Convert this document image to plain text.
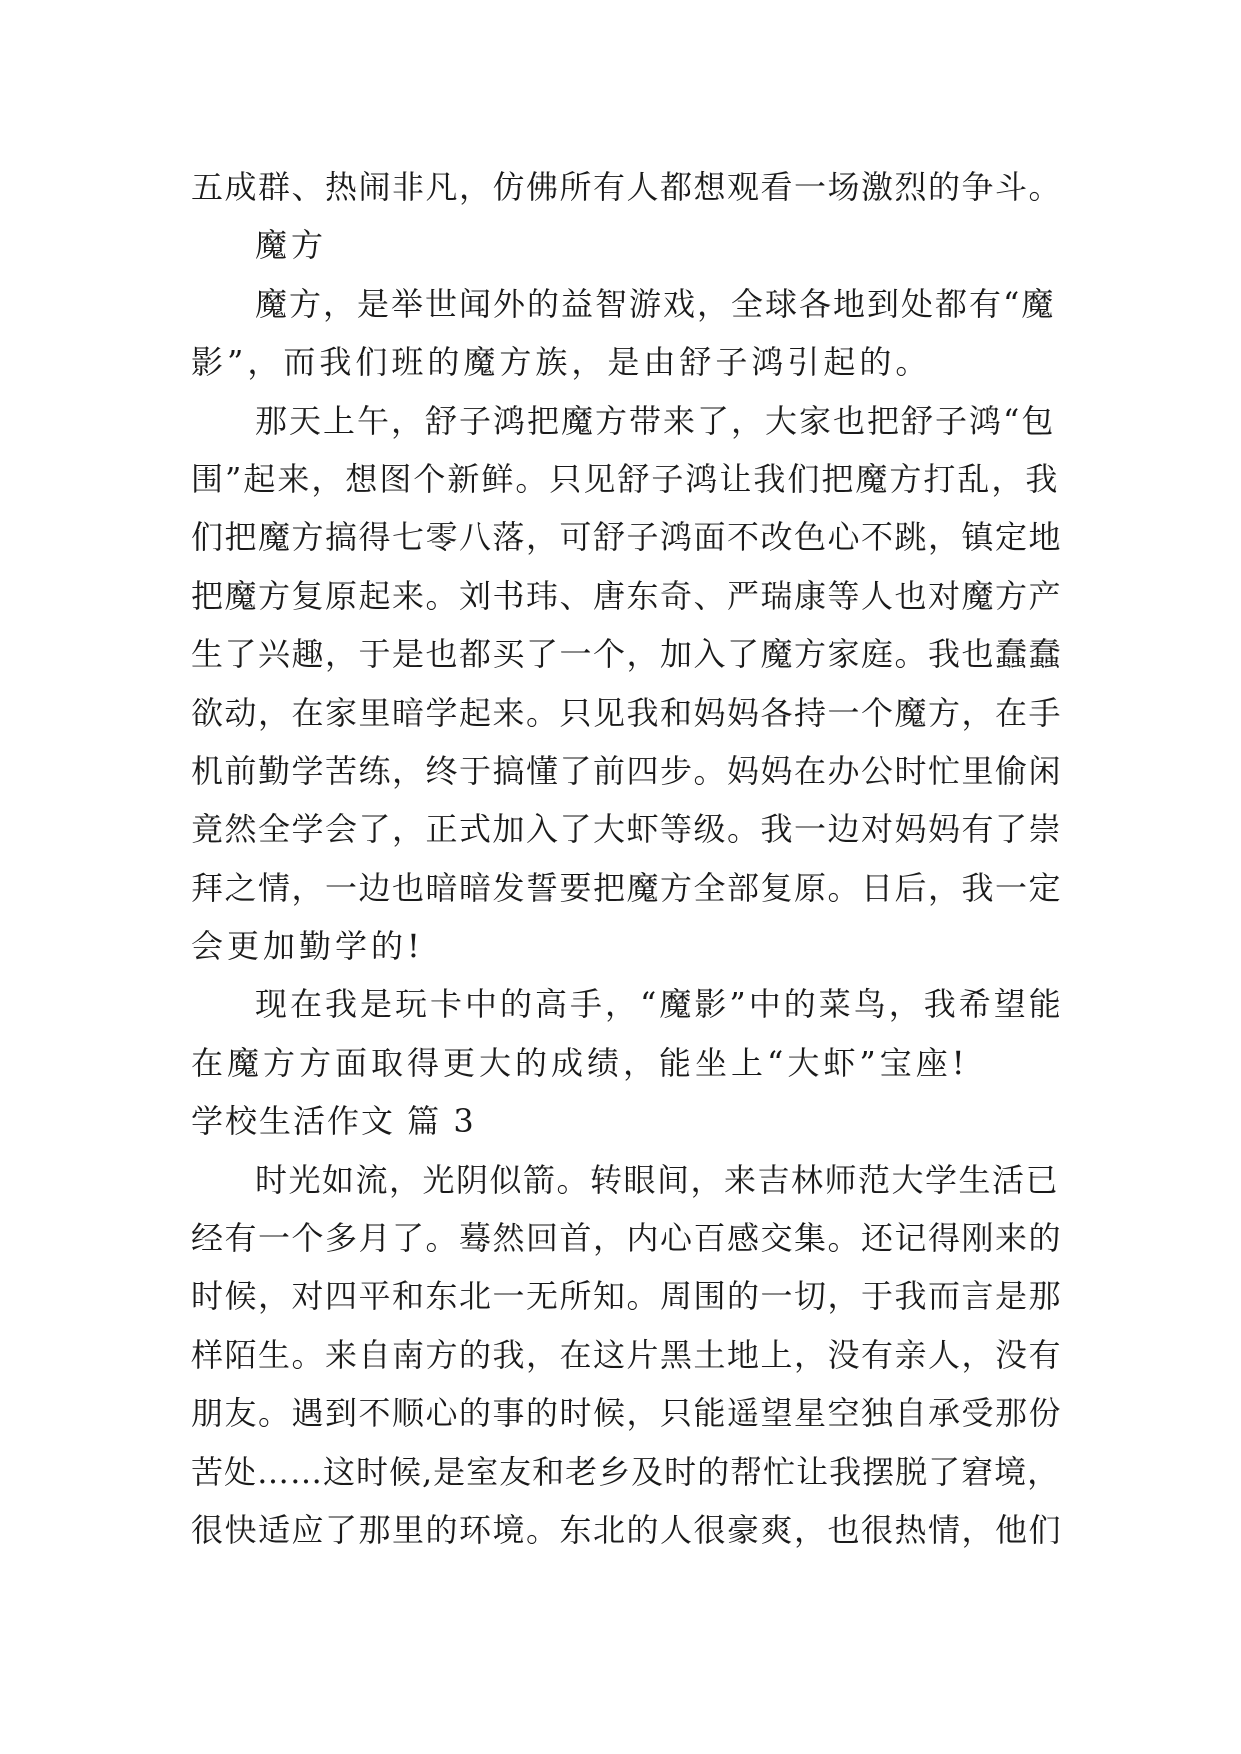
五成群、热闹非凡，仿佛所有人都想观看一场激烈的争斗。
魔方
魔方，是举世闻外的益智游戏，全球各地到处都有“魔
影”，而我们班的魔方族，是由舒子鸿引起的。
那天上午，舒子鸿把魔方带来了，大家也把舒子鸿“包
围”起来，想图个新鲜。只见舒子鸿让我们把魔方打乱，我
们把魔方搞得七零八落，可舒子鸿面不改色心不跳，镇定地
把魔方复原起来。刘书玮、唐东奇、严瑞康等人也对魔方产
生了兴趣，于是也都买了一个，加入了魔方家庭。我也蠢蠢
欲动，在家里暗学起来。只见我和妈妈各持一个魔方，在手
机前勤学苦练，终于搞懂了前四步。妈妈在办公时忙里偷闲
竟然全学会了，正式加入了大虾等级。我一边对妈妈有了崇
拜之情，一边也暗暗发誓要把魔方全部复原。日后，我一定
会更加勤学的!
现在我是玩卡中的高手，“魔影”中的菜鸟，我希望能
在魔方方面取得更大的成绩，能坐上“大虾”宝座!
学校生活作文 篇 3
时光如流，光阴似箭。转眼间，来吉林师范大学生活已
经有一个多月了。蓦然回首，内心百感交集。还记得刚来的
时候，对四平和东北一无所知。周围的一切，于我而言是那
样陌生。来自南方的我，在这片黑土地上，没有亲人，没有
朋友。遇到不顺心的事的时候，只能遥望星空独自承受那份
苦处……这时候,是室友和老乡及时的帮忙让我摆脱了窘境，
很快适应了那里的环境。东北的人很豪爽，也很热情，他们
